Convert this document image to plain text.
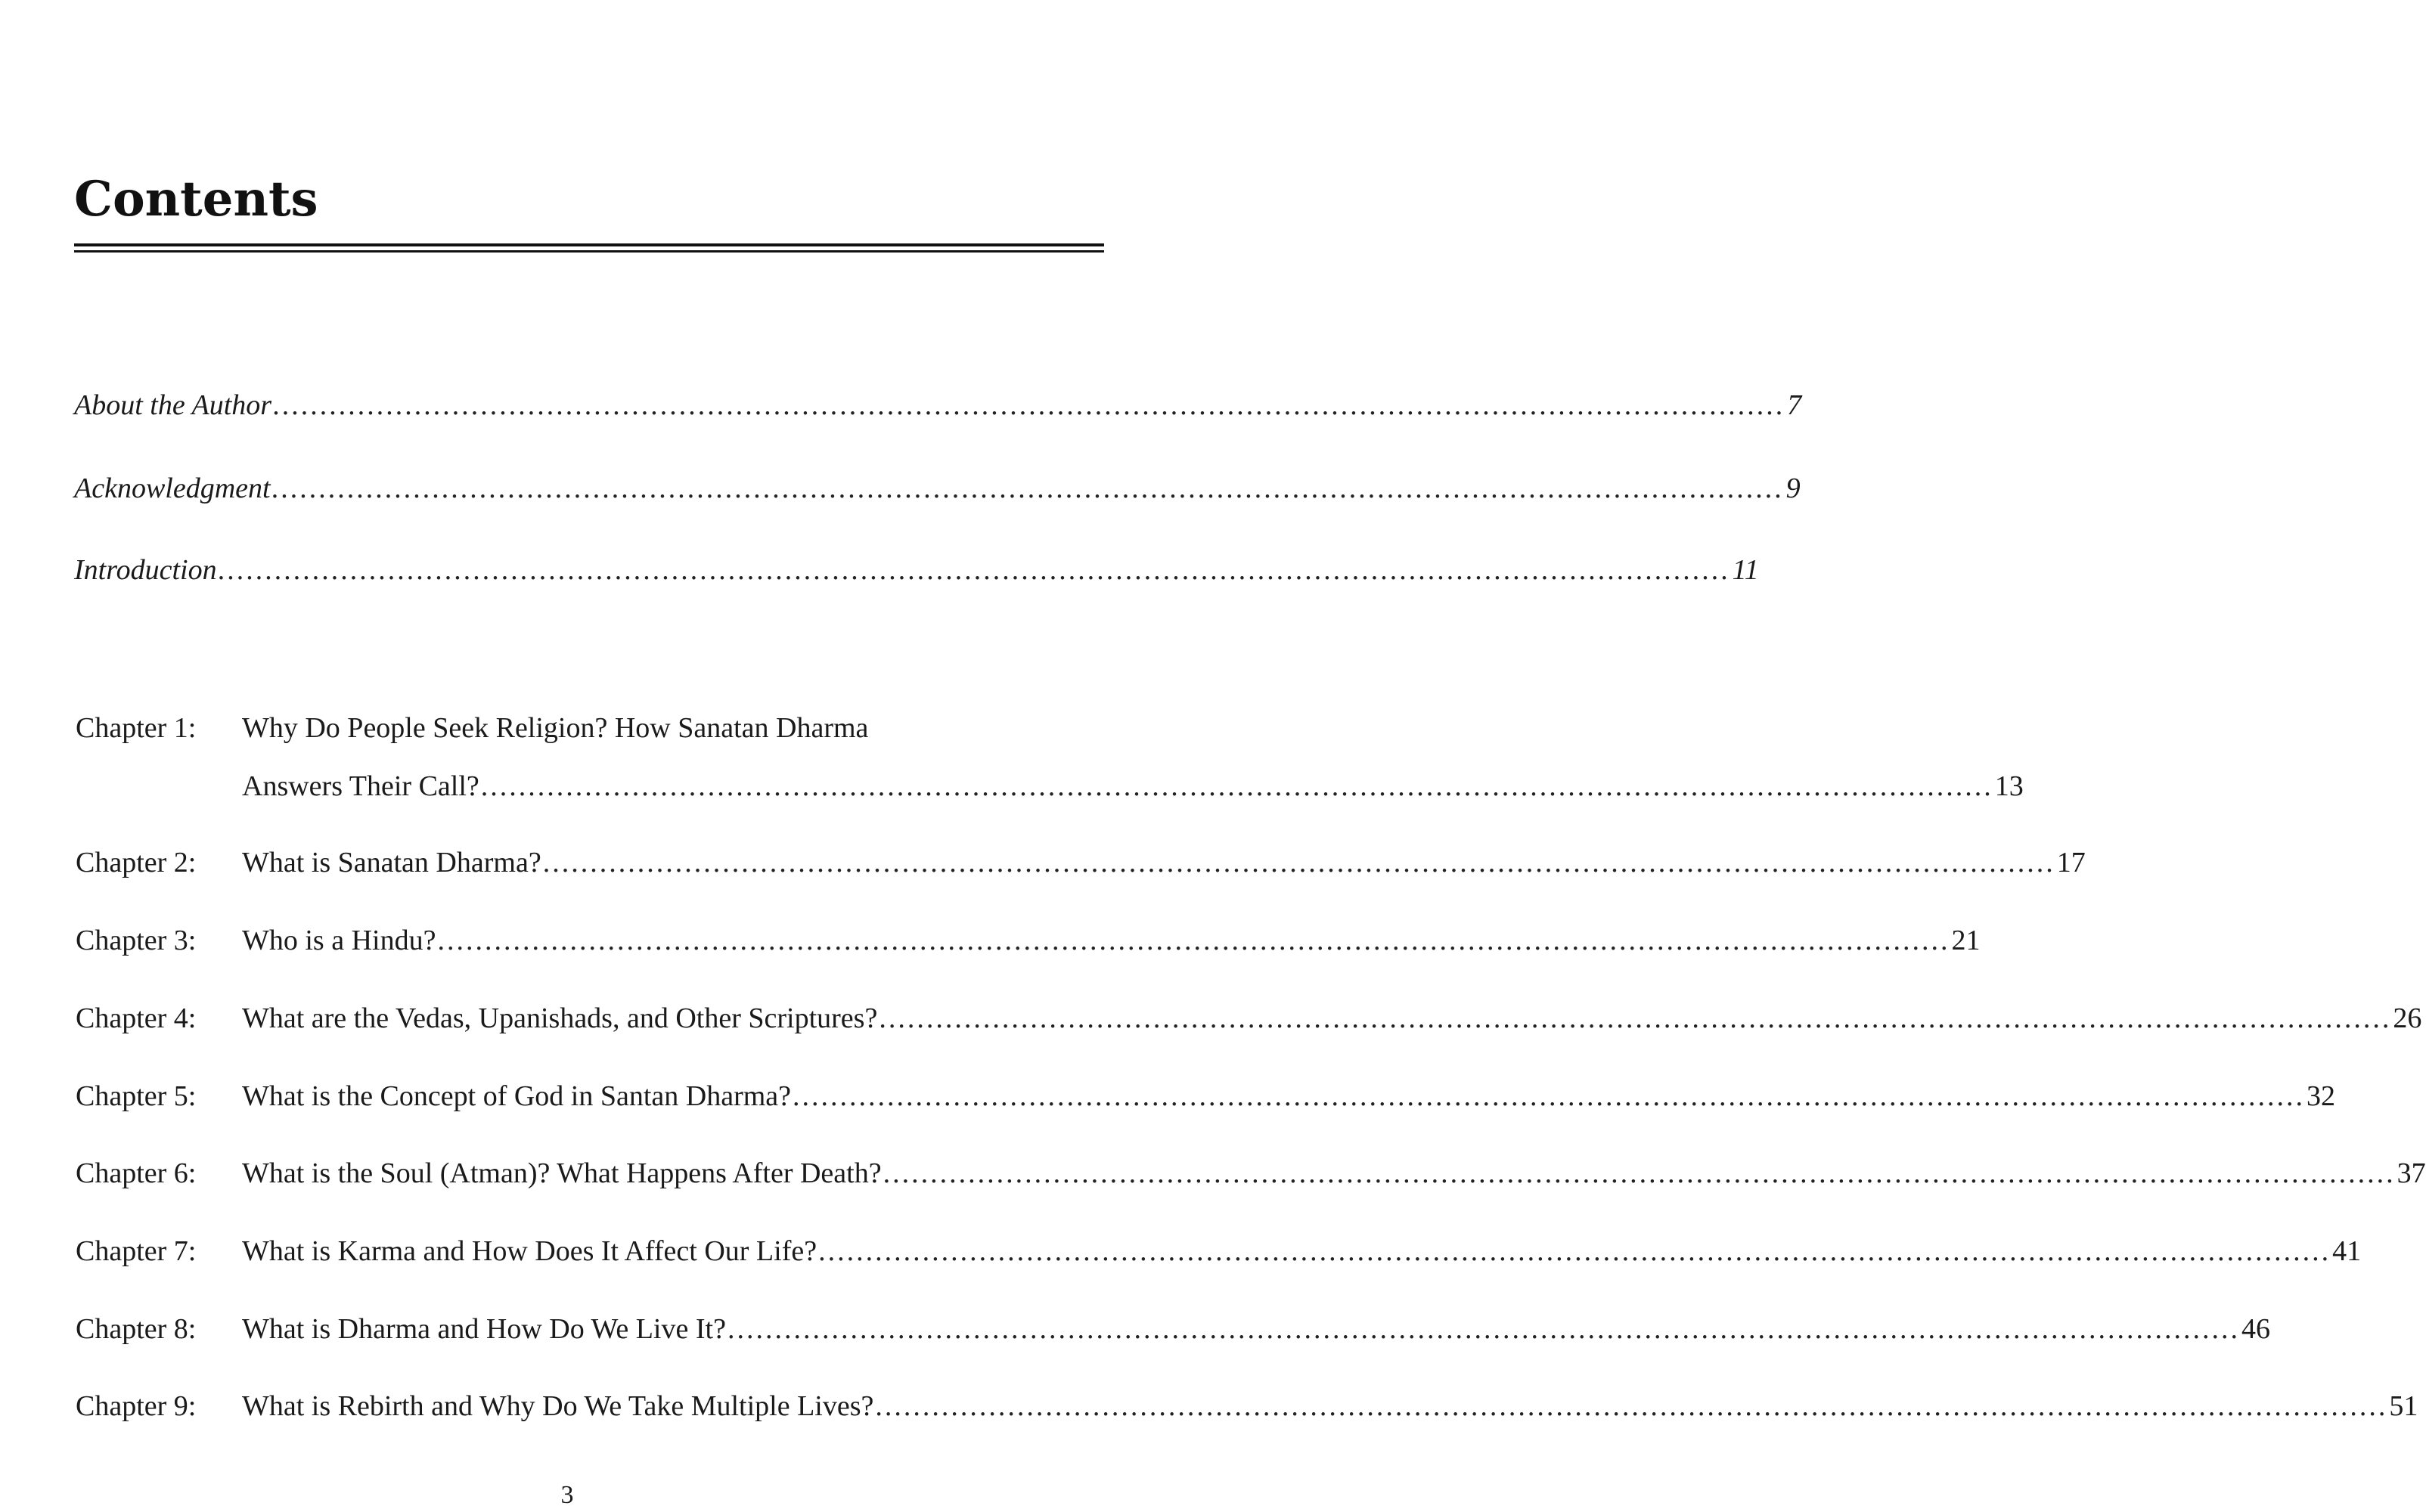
Contents
About the Author ................................................................................................................................................................ 7
Acknowledgment ................................................................................................................................................................ 9
Introduction ................................................................................................................................................................ 11
Chapter 1: Why Do People Seek Religion? How Sanatan Dharma
Answers Their Call? ................................................................................................................................................................ 13
Chapter 2: What is Sanatan Dharma? ................................................................................................................................................................ 17
Chapter 3: Who is a Hindu? ................................................................................................................................................................ 21
Chapter 4: What are the Vedas, Upanishads, and Other Scriptures? ................................................................................................................................................................ 26
Chapter 5: What is the Concept of God in Santan Dharma? ................................................................................................................................................................ 32
Chapter 6: What is the Soul (Atman)? What Happens After Death? ................................................................................................................................................................ 37
Chapter 7: What is Karma and How Does It Affect Our Life? ................................................................................................................................................................ 41
Chapter 8: What is Dharma and How Do We Live It? ................................................................................................................................................................ 46
Chapter 9: What is Rebirth and Why Do We Take Multiple Lives? ................................................................................................................................................................ 51
3
